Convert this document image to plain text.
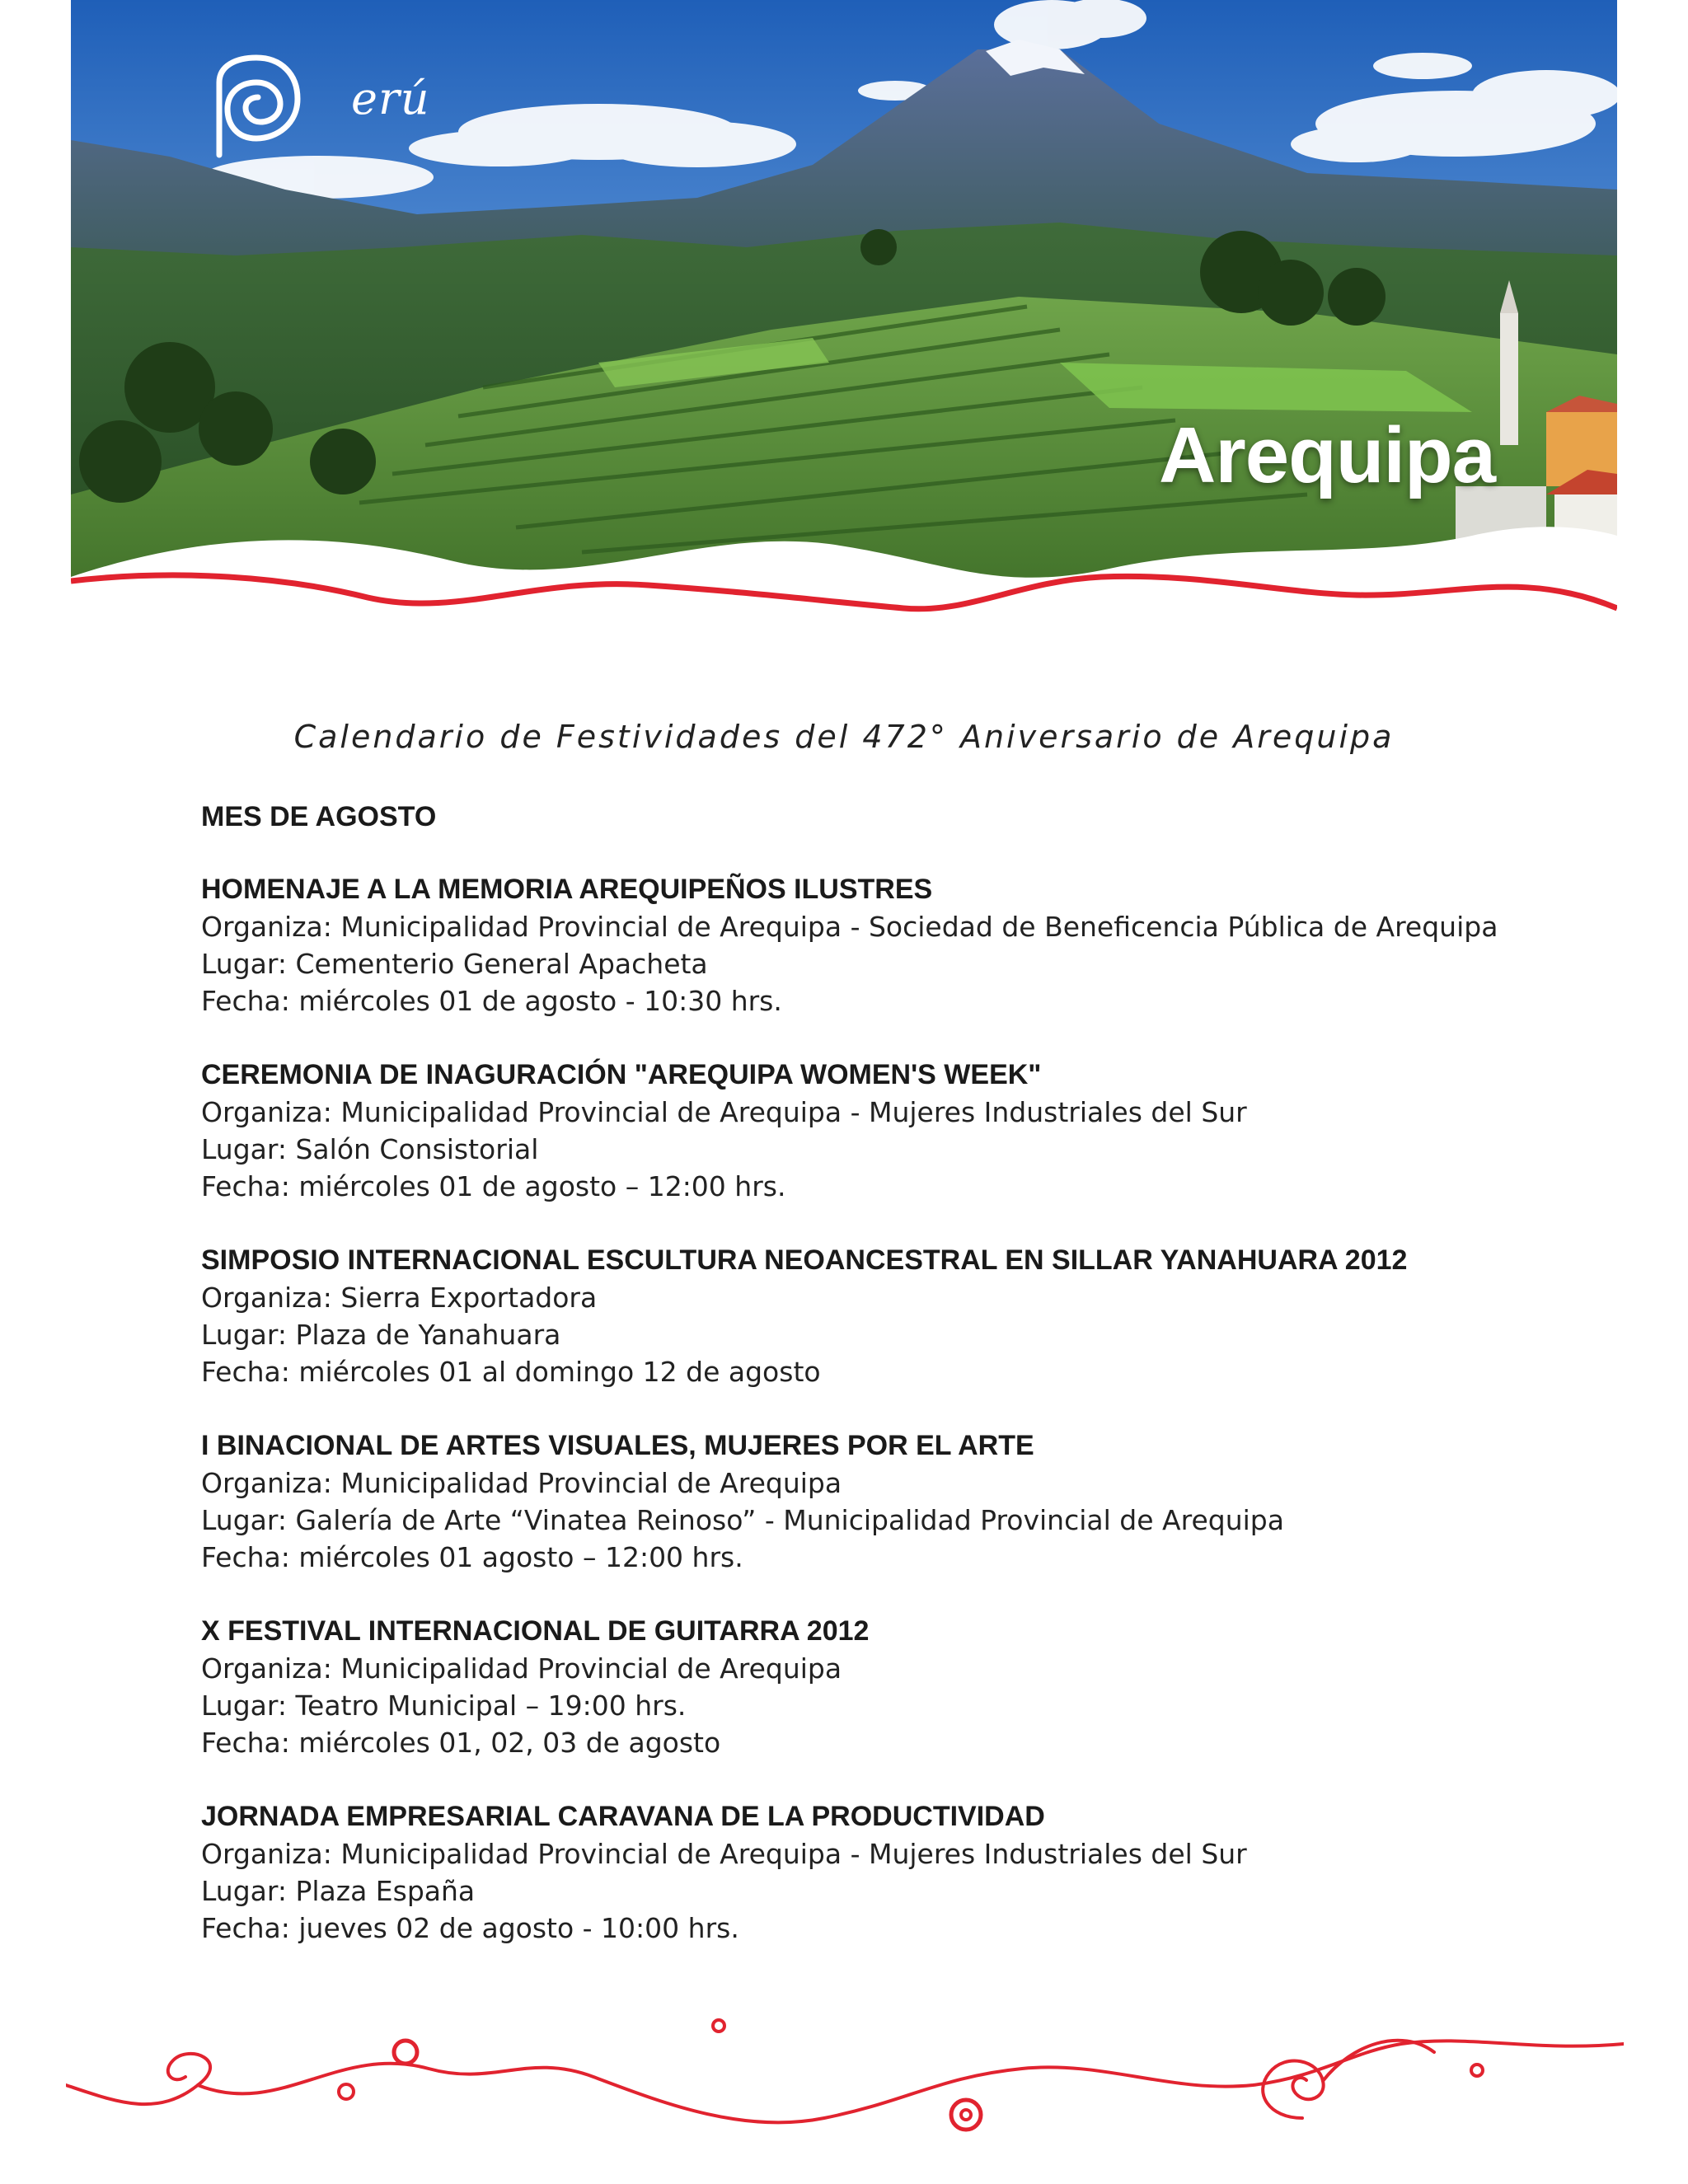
erú
Arequipa
Calendario de Festividades del 472° Aniversario de Arequipa
MES DE AGOSTO
HOMENAJE A LA MEMORIA AREQUIPEÑOS ILUSTRES
Organiza: Municipalidad Provincial de Arequipa - Sociedad de Beneficencia Pública de Arequipa
Lugar: Cementerio General Apacheta
Fecha: miércoles 01 de agosto - 10:30 hrs.
CEREMONIA DE INAGURACIÓN "AREQUIPA WOMEN'S WEEK"
Organiza: Municipalidad Provincial de Arequipa - Mujeres Industriales del Sur
Lugar: Salón Consistorial
Fecha: miércoles 01 de agosto – 12:00 hrs.
SIMPOSIO INTERNACIONAL ESCULTURA NEOANCESTRAL EN SILLAR YANAHUARA 2012
Organiza: Sierra Exportadora
Lugar: Plaza de Yanahuara
Fecha: miércoles 01 al domingo 12 de agosto
I BINACIONAL DE ARTES VISUALES, MUJERES POR EL ARTE
Organiza: Municipalidad Provincial de Arequipa
Lugar: Galería de Arte “Vinatea Reinoso” - Municipalidad Provincial de Arequipa
Fecha: miércoles 01 agosto – 12:00 hrs.
X FESTIVAL INTERNACIONAL DE GUITARRA 2012
Organiza: Municipalidad Provincial de Arequipa
Lugar: Teatro Municipal – 19:00 hrs.
Fecha: miércoles 01, 02, 03 de agosto
JORNADA EMPRESARIAL CARAVANA DE LA PRODUCTIVIDAD
Organiza: Municipalidad Provincial de Arequipa - Mujeres Industriales del Sur
Lugar: Plaza España
Fecha: jueves 02 de agosto - 10:00 hrs.
